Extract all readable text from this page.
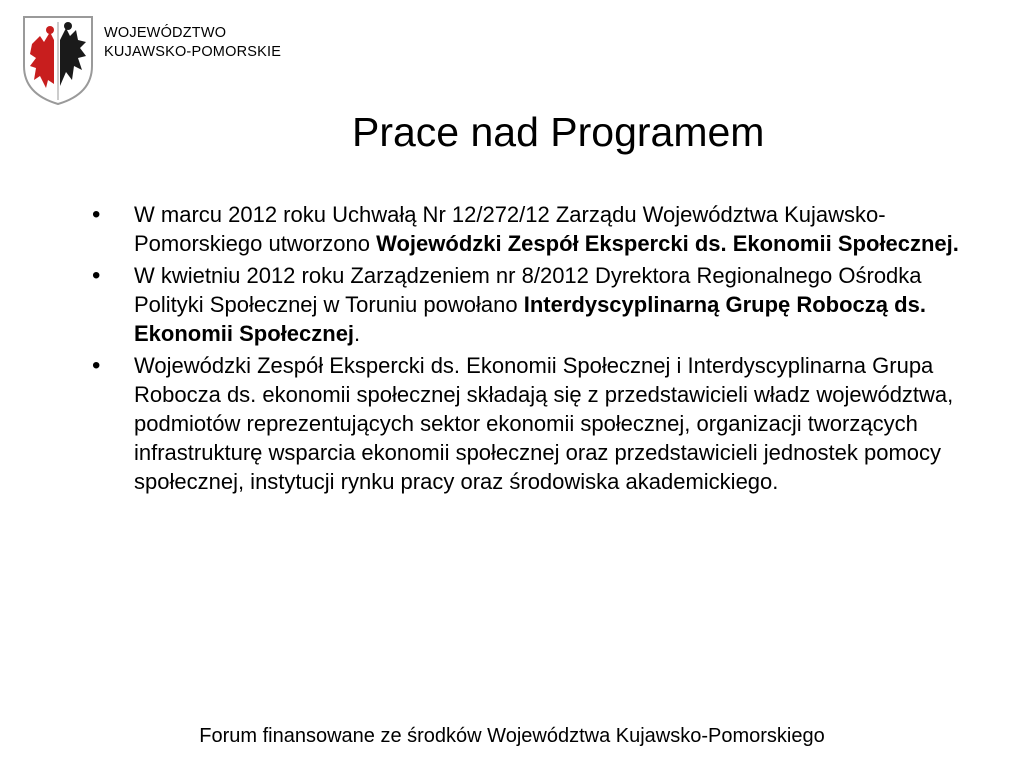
WOJEWÓDZTWO
KUJAWSKO-POMORSKIE
Prace nad Programem
• W marcu 2012 roku Uchwałą Nr 12/272/12 Zarządu Województwa Kujawsko-Pomorskiego utworzono Wojewódzki Zespół Ekspercki ds. Ekonomii Społecznej.
• W kwietniu 2012 roku Zarządzeniem nr 8/2012 Dyrektora Regionalnego Ośrodka Polityki Społecznej w Toruniu powołano Interdyscyplinarną Grupę Roboczą ds. Ekonomii Społecznej.
• Wojewódzki Zespół Ekspercki ds. Ekonomii Społecznej i Interdyscyplinarna Grupa Robocza ds. ekonomii społecznej składają się z przedstawicieli władz województwa, podmiotów reprezentujących sektor ekonomii społecznej, organizacji tworzących infrastrukturę wsparcia ekonomii społecznej oraz przedstawicieli jednostek pomocy społecznej, instytucji rynku pracy oraz środowiska akademickiego.
Forum finansowane ze środków Województwa Kujawsko-Pomorskiego
